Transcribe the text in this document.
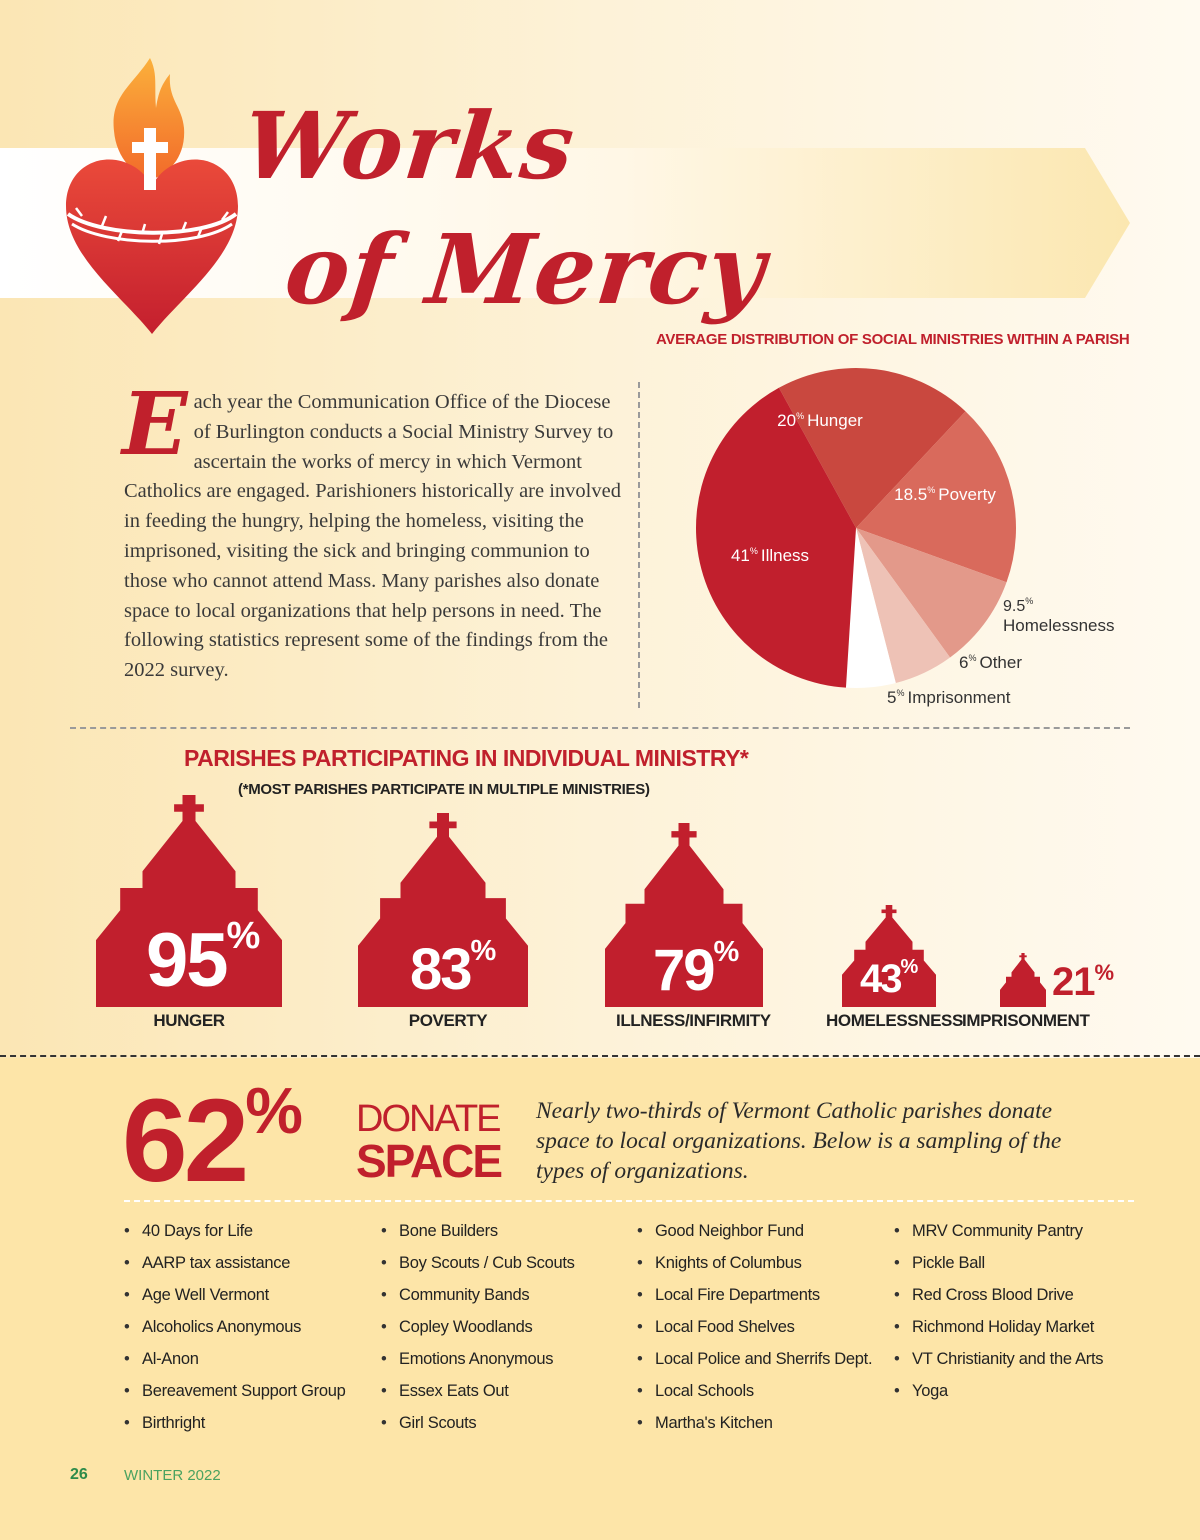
Works
of Mercy
Each year the Communication Office of the Diocese of Burlington conducts a Social Ministry Survey to ascertain the works of mercy in which Vermont Catholics are engaged. Parishioners historically are involved in feeding the hungry, helping the homeless, visiting the imprisoned, visiting the sick and bringing communion to those who cannot attend Mass. Many parishes also donate space to local organizations that help persons in need. The following statistics represent some of the findings from the 2022 survey.
AVERAGE DISTRIBUTION OF SOCIAL MINISTRIES WITHIN A PARISH
20% Hunger
18.5% Poverty
41% Illness
9.5%
Homelessness
6% Other
5% Imprisonment
PARISHES PARTICIPATING IN INDIVIDUAL MINISTRY*
(*MOST PARISHES PARTICIPATE IN MULTIPLE MINISTRIES)
95%
83%	79%
43%	21%
HUNGER	POVERTY	ILLNESS/INFIRMITY	HOMELESSNESS IMPRISONMENT
62% DONATE
SPACE
Nearly two-thirds of Vermont Catholic parishes donate space to local organizations. Below is a sampling of the types of organizations.
• 40 Days for Life
• AARP tax assistance
• Age Well Vermont
• Alcoholics Anonymous
• Al-Anon
• Bereavement Support Group
• Birthright
• Bone Builders
• Boy Scouts / Cub Scouts
• Community Bands
• Copley Woodlands
• Emotions Anonymous
• Essex Eats Out
• Girl Scouts
• Good Neighbor Fund
• Knights of Columbus
• Local Fire Departments
• Local Food Shelves
• Local Police and Sherrifs Dept.
• Local Schools
• Martha's Kitchen
• MRV Community Pantry
• Pickle Ball
• Red Cross Blood Drive
• Richmond Holiday Market
• VT Christianity and the Arts
• Yoga
26 WINTER 2022
